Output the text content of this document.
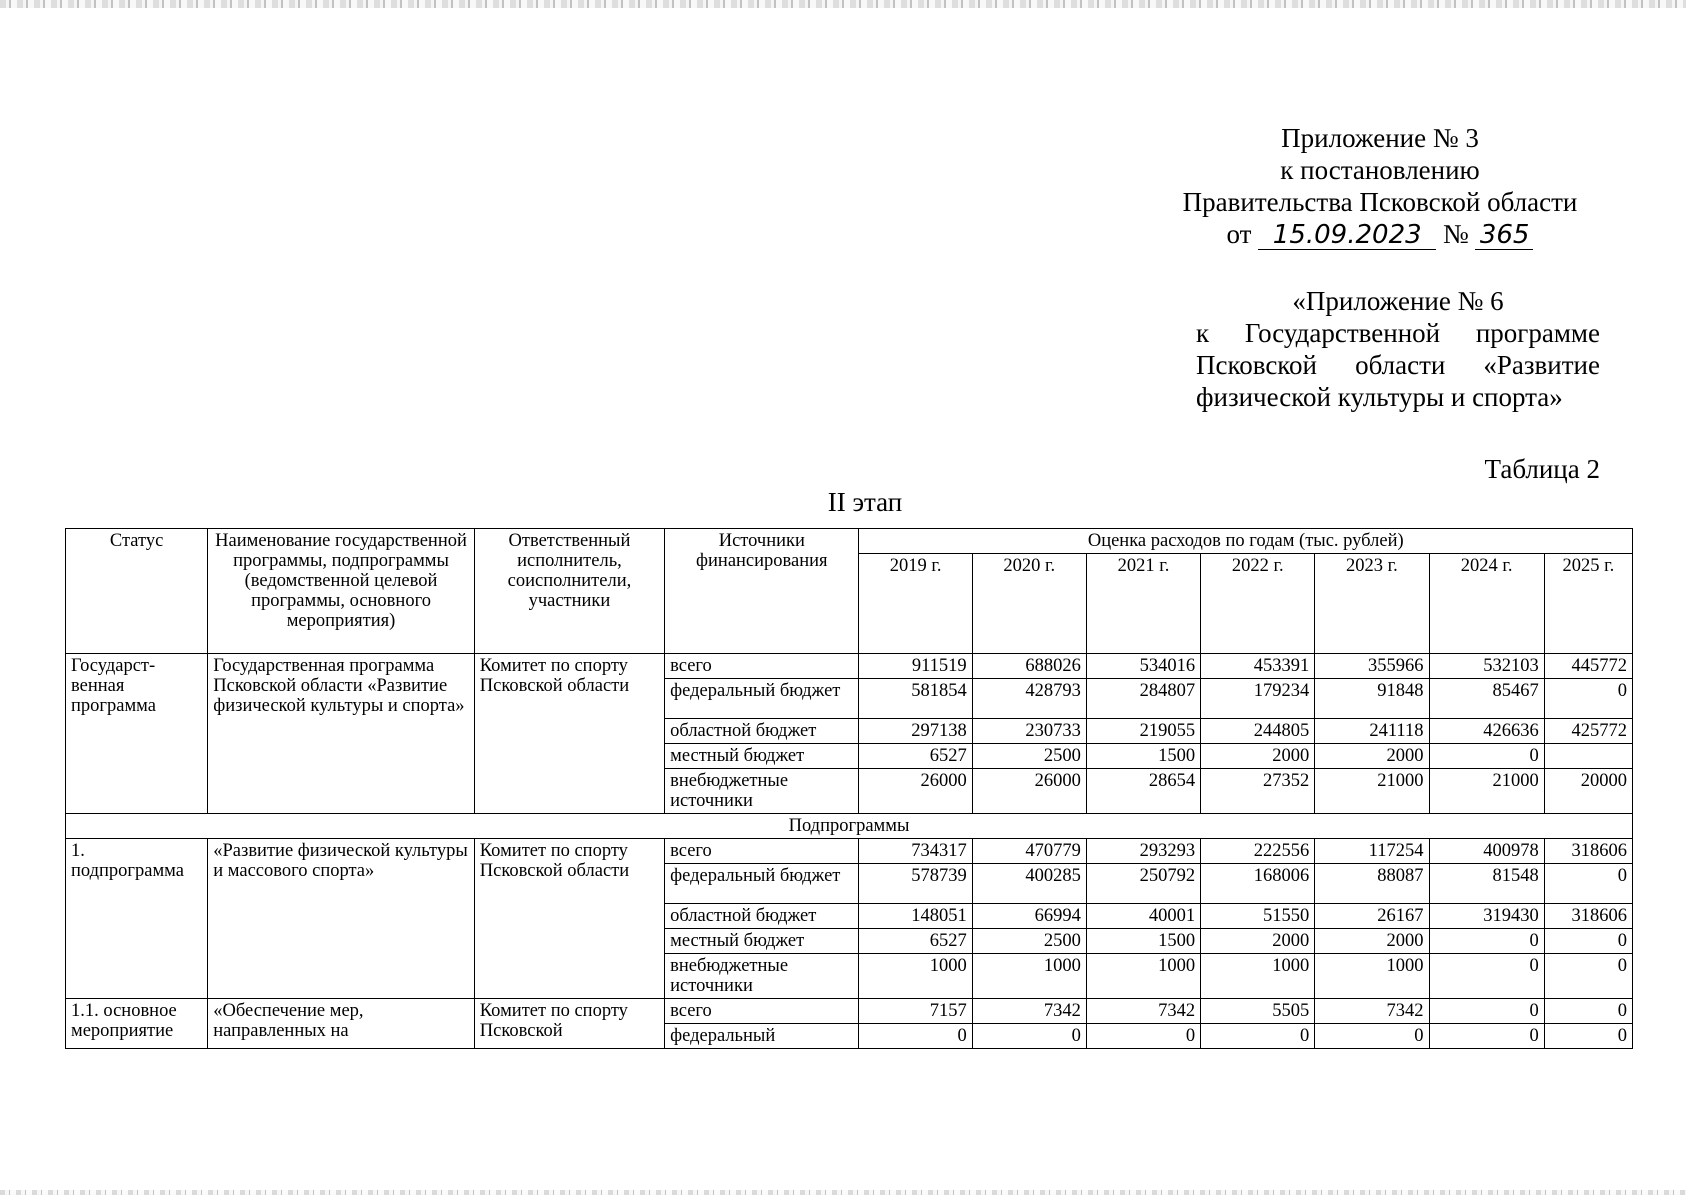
Приложение № 3
к постановлению
Правительства Псковской области
от 15.09.2023 № 365
«Приложение № 6
к Государственной программе
Псковской области «Развитие
физической культуры и спорта»
Таблица 2
II этап
Статус	Наименование государственной программы, подпрограммы (ведомственной целевой программы, основного мероприятия)	Ответственный исполнитель, соисполнители, участники	Источники финансирования	Оценка расходов по годам (тыс. рублей)						
				2019 г.	2020 г.	2021 г.	2022 г.	2023 г.	2024 г.	2025 г.
Государст-венная программа	Государственная программа Псковской области «Развитие физической культуры и спорта»	Комитет по спорту Псковской области	всего	911519	688026	534016	453391	355966	532103	445772
			федеральный бюджет	581854	428793	284807	179234	91848	85467	0
			областной бюджет	297138	230733	219055	244805	241118	426636	425772
			местный бюджет	6527	2500	1500	2000	2000	0	
			внебюджетные источники	26000	26000	28654	27352	21000	21000	20000
Подпрограммы										
1. подпрограмма	«Развитие физической культуры и массового спорта»	Комитет по спорту Псковской области	всего	734317	470779	293293	222556	117254	400978	318606
			федеральный бюджет	578739	400285	250792	168006	88087	81548	0
			областной бюджет	148051	66994	40001	51550	26167	319430	318606
			местный бюджет	6527	2500	1500	2000	2000	0	0
			внебюджетные источники	1000	1000	1000	1000	1000	0	0
1.1. основное мероприятие	«Обеспечение мер, направленных на	Комитет по спорту Псковской	всего	7157	7342	7342	5505	7342	0	0
			федеральный	0	0	0	0	0	0	0
